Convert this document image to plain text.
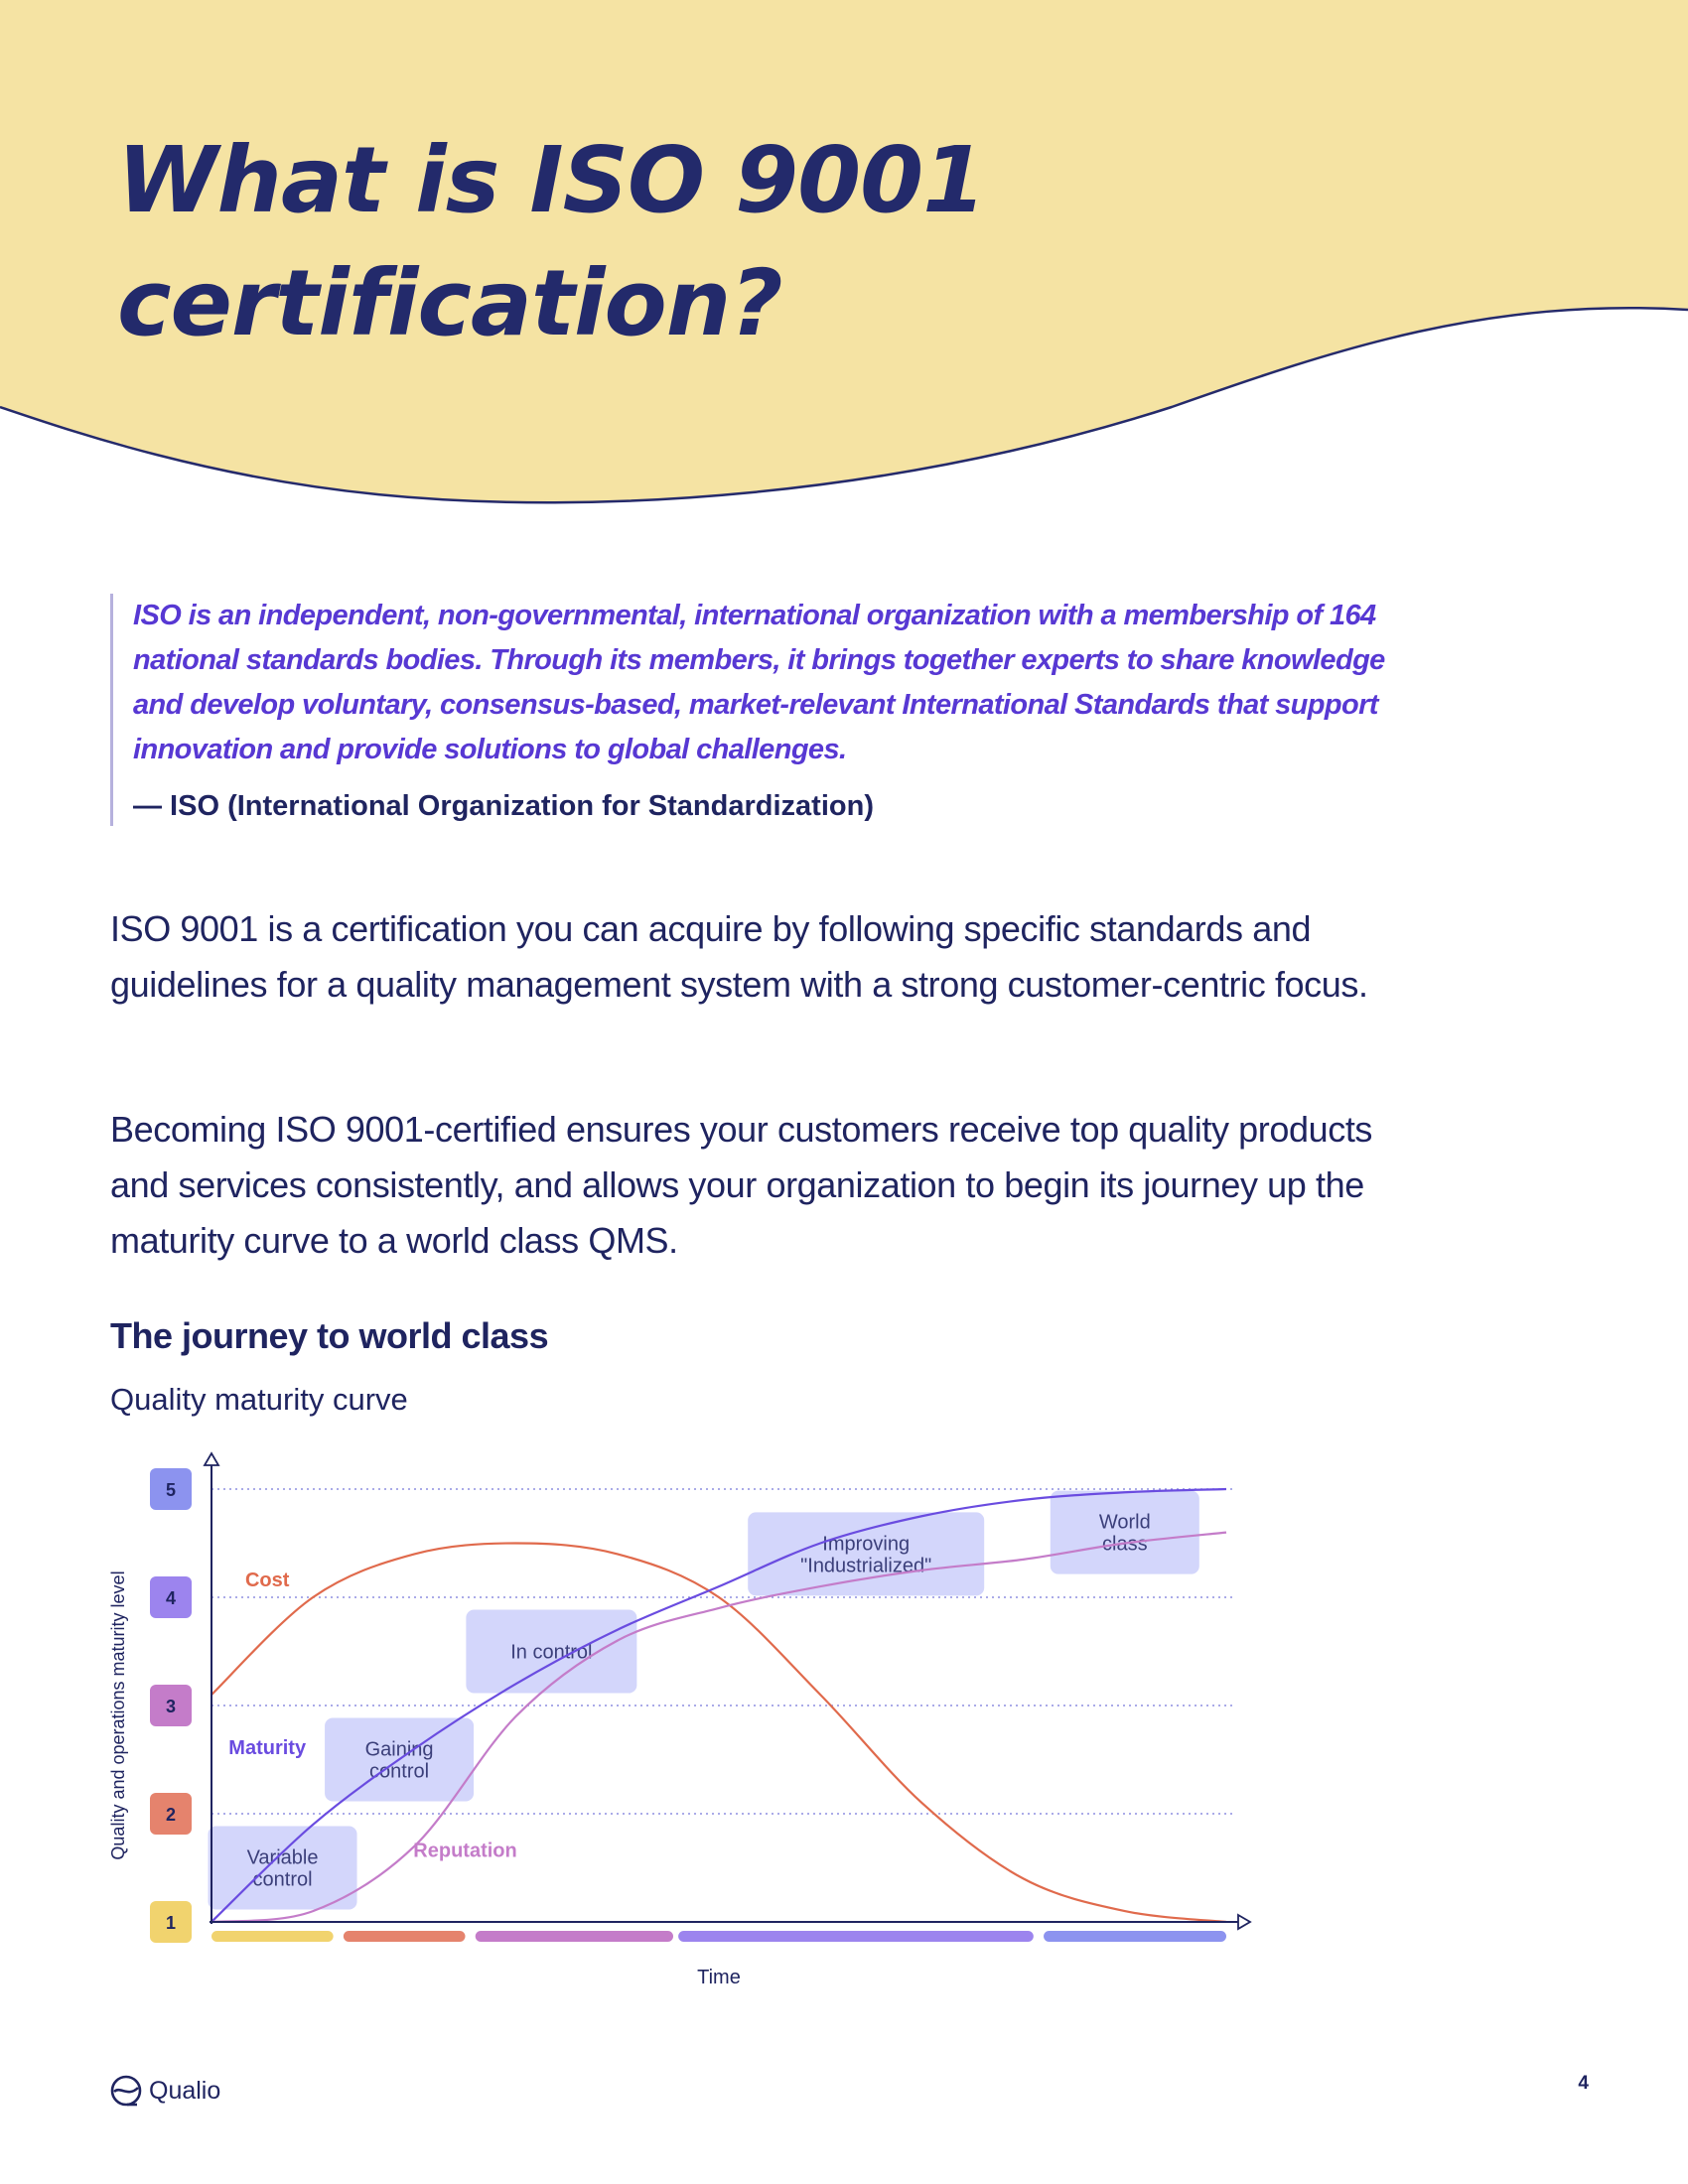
What is ISO 9001
certification?

ISO is an independent, non-governmental, international organization with a membership of 164 national standards bodies. Through its members, it brings together experts to share knowledge and develop voluntary, consensus-based, market-relevant International Standards that support innovation and provide solutions to global challenges.

— ISO (International Organization for Standardization)

ISO 9001 is a certification you can acquire by following specific standards and guidelines for a quality management system with a strong customer-centric focus.

Becoming ISO 9001-certified ensures your customers receive top quality products and services consistently, and allows your organization to begin its journey up the maturity curve to a world class QMS.

The journey to world class

Quality maturity curve

1
2
3
4
5
Quality and operations maturity level	Variable
control
Gaining
control
In control
Improving
"Industrialized"
World
class
Cost
Maturity
Reputation
Time
Qualio	4
